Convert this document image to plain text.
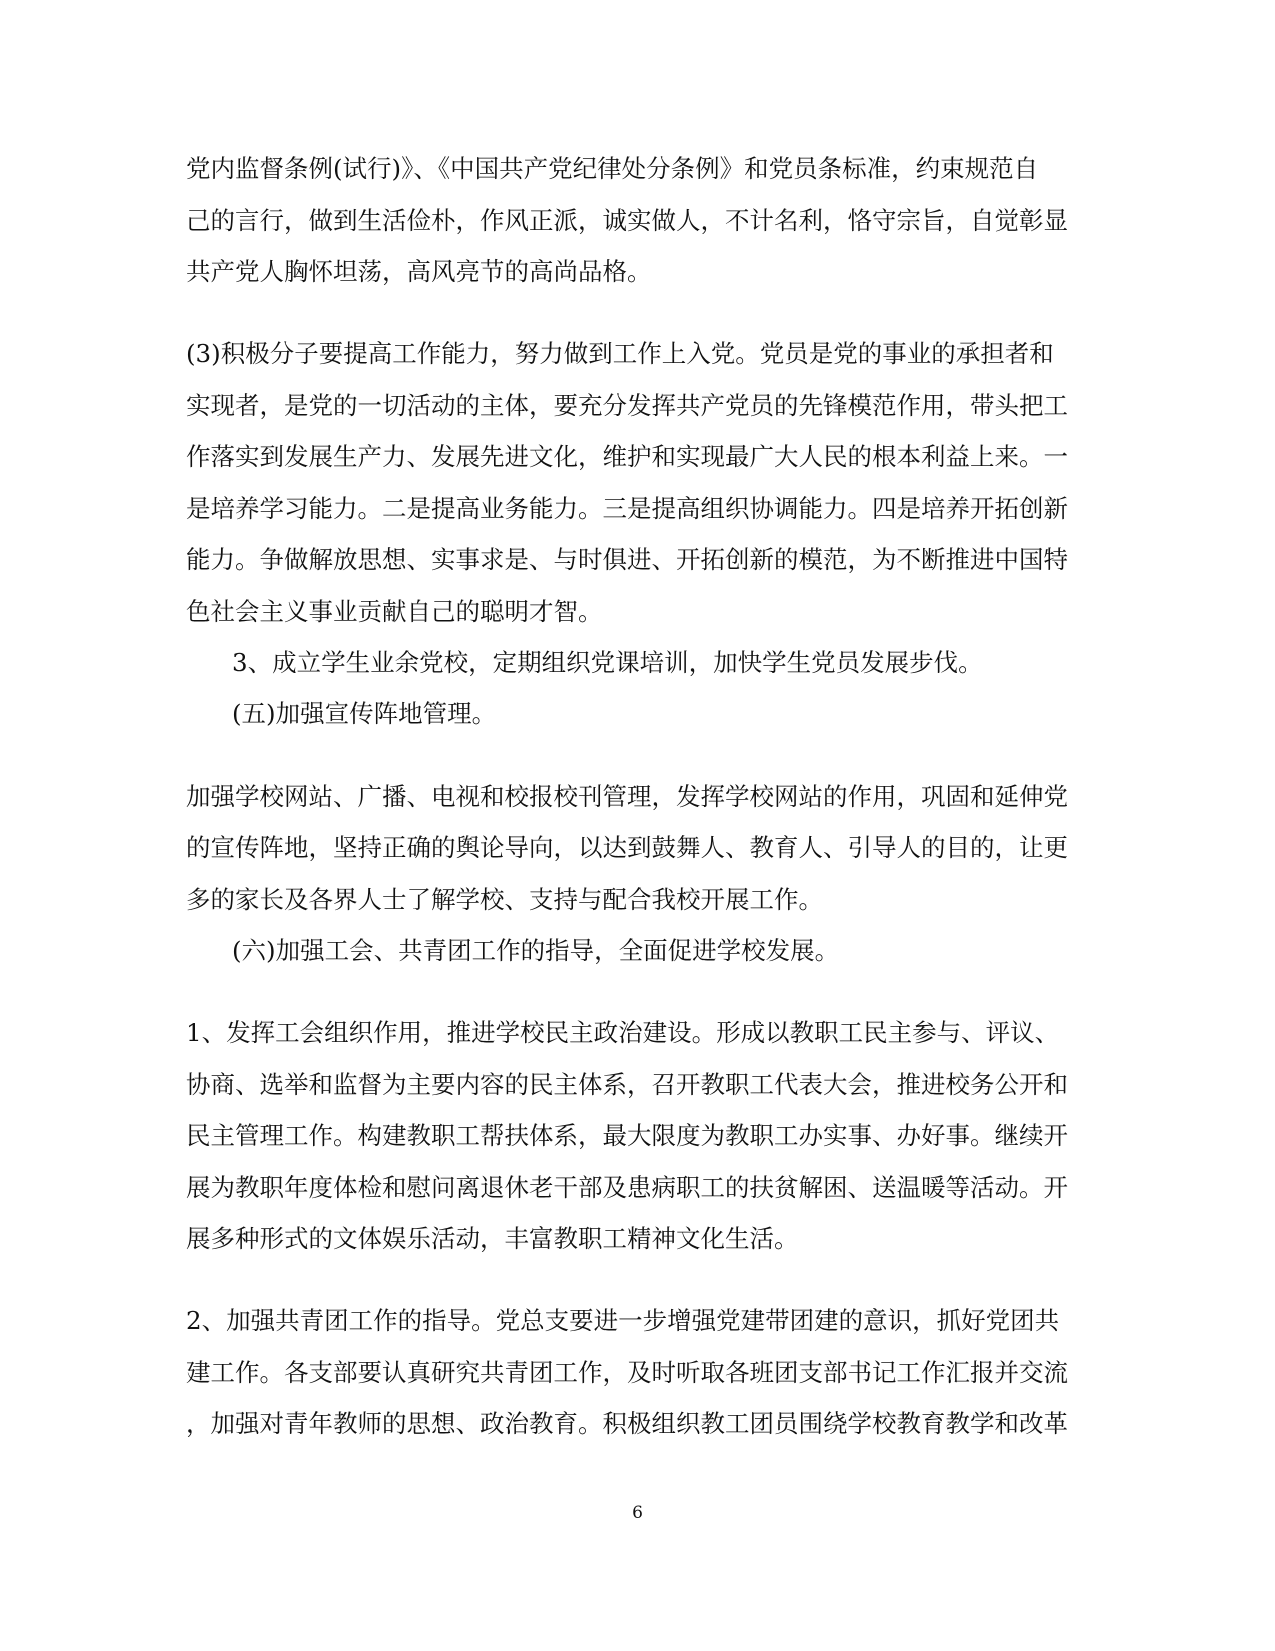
党内监督条例(试行)》、《中国共产党纪律处分条例》和党员条标准，约束规范自
己的言行，做到生活俭朴，作风正派，诚实做人，不计名利，恪守宗旨，自觉彰显
共产党人胸怀坦荡，高风亮节的高尚品格。
(3)积极分子要提高工作能力，努力做到工作上入党。党员是党的事业的承担者和
实现者，是党的一切活动的主体，要充分发挥共产党员的先锋模范作用，带头把工
作落实到发展生产力、发展先进文化，维护和实现最广大人民的根本利益上来。一
是培养学习能力。二是提高业务能力。三是提高组织协调能力。四是培养开拓创新
能力。争做解放思想、实事求是、与时俱进、开拓创新的模范，为不断推进中国特
色社会主义事业贡献自己的聪明才智。
3、成立学生业余党校，定期组织党课培训，加快学生党员发展步伐。
(五)加强宣传阵地管理。
加强学校网站、广播、电视和校报校刊管理，发挥学校网站的作用，巩固和延伸党
的宣传阵地，坚持正确的舆论导向，以达到鼓舞人、教育人、引导人的目的，让更
多的家长及各界人士了解学校、支持与配合我校开展工作。
(六)加强工会、共青团工作的指导，全面促进学校发展。
1、发挥工会组织作用，推进学校民主政治建设。形成以教职工民主参与、评议、
协商、选举和监督为主要内容的民主体系，召开教职工代表大会，推进校务公开和
民主管理工作。构建教职工帮扶体系，最大限度为教职工办实事、办好事。继续开
展为教职年度体检和慰问离退休老干部及患病职工的扶贫解困、送温暖等活动。开
展多种形式的文体娱乐活动，丰富教职工精神文化生活。
2、加强共青团工作的指导。党总支要进一步增强党建带团建的意识，抓好党团共
建工作。各支部要认真研究共青团工作，及时听取各班团支部书记工作汇报并交流
，加强对青年教师的思想、政治教育。积极组织教工团员围绕学校教育教学和改革
6
